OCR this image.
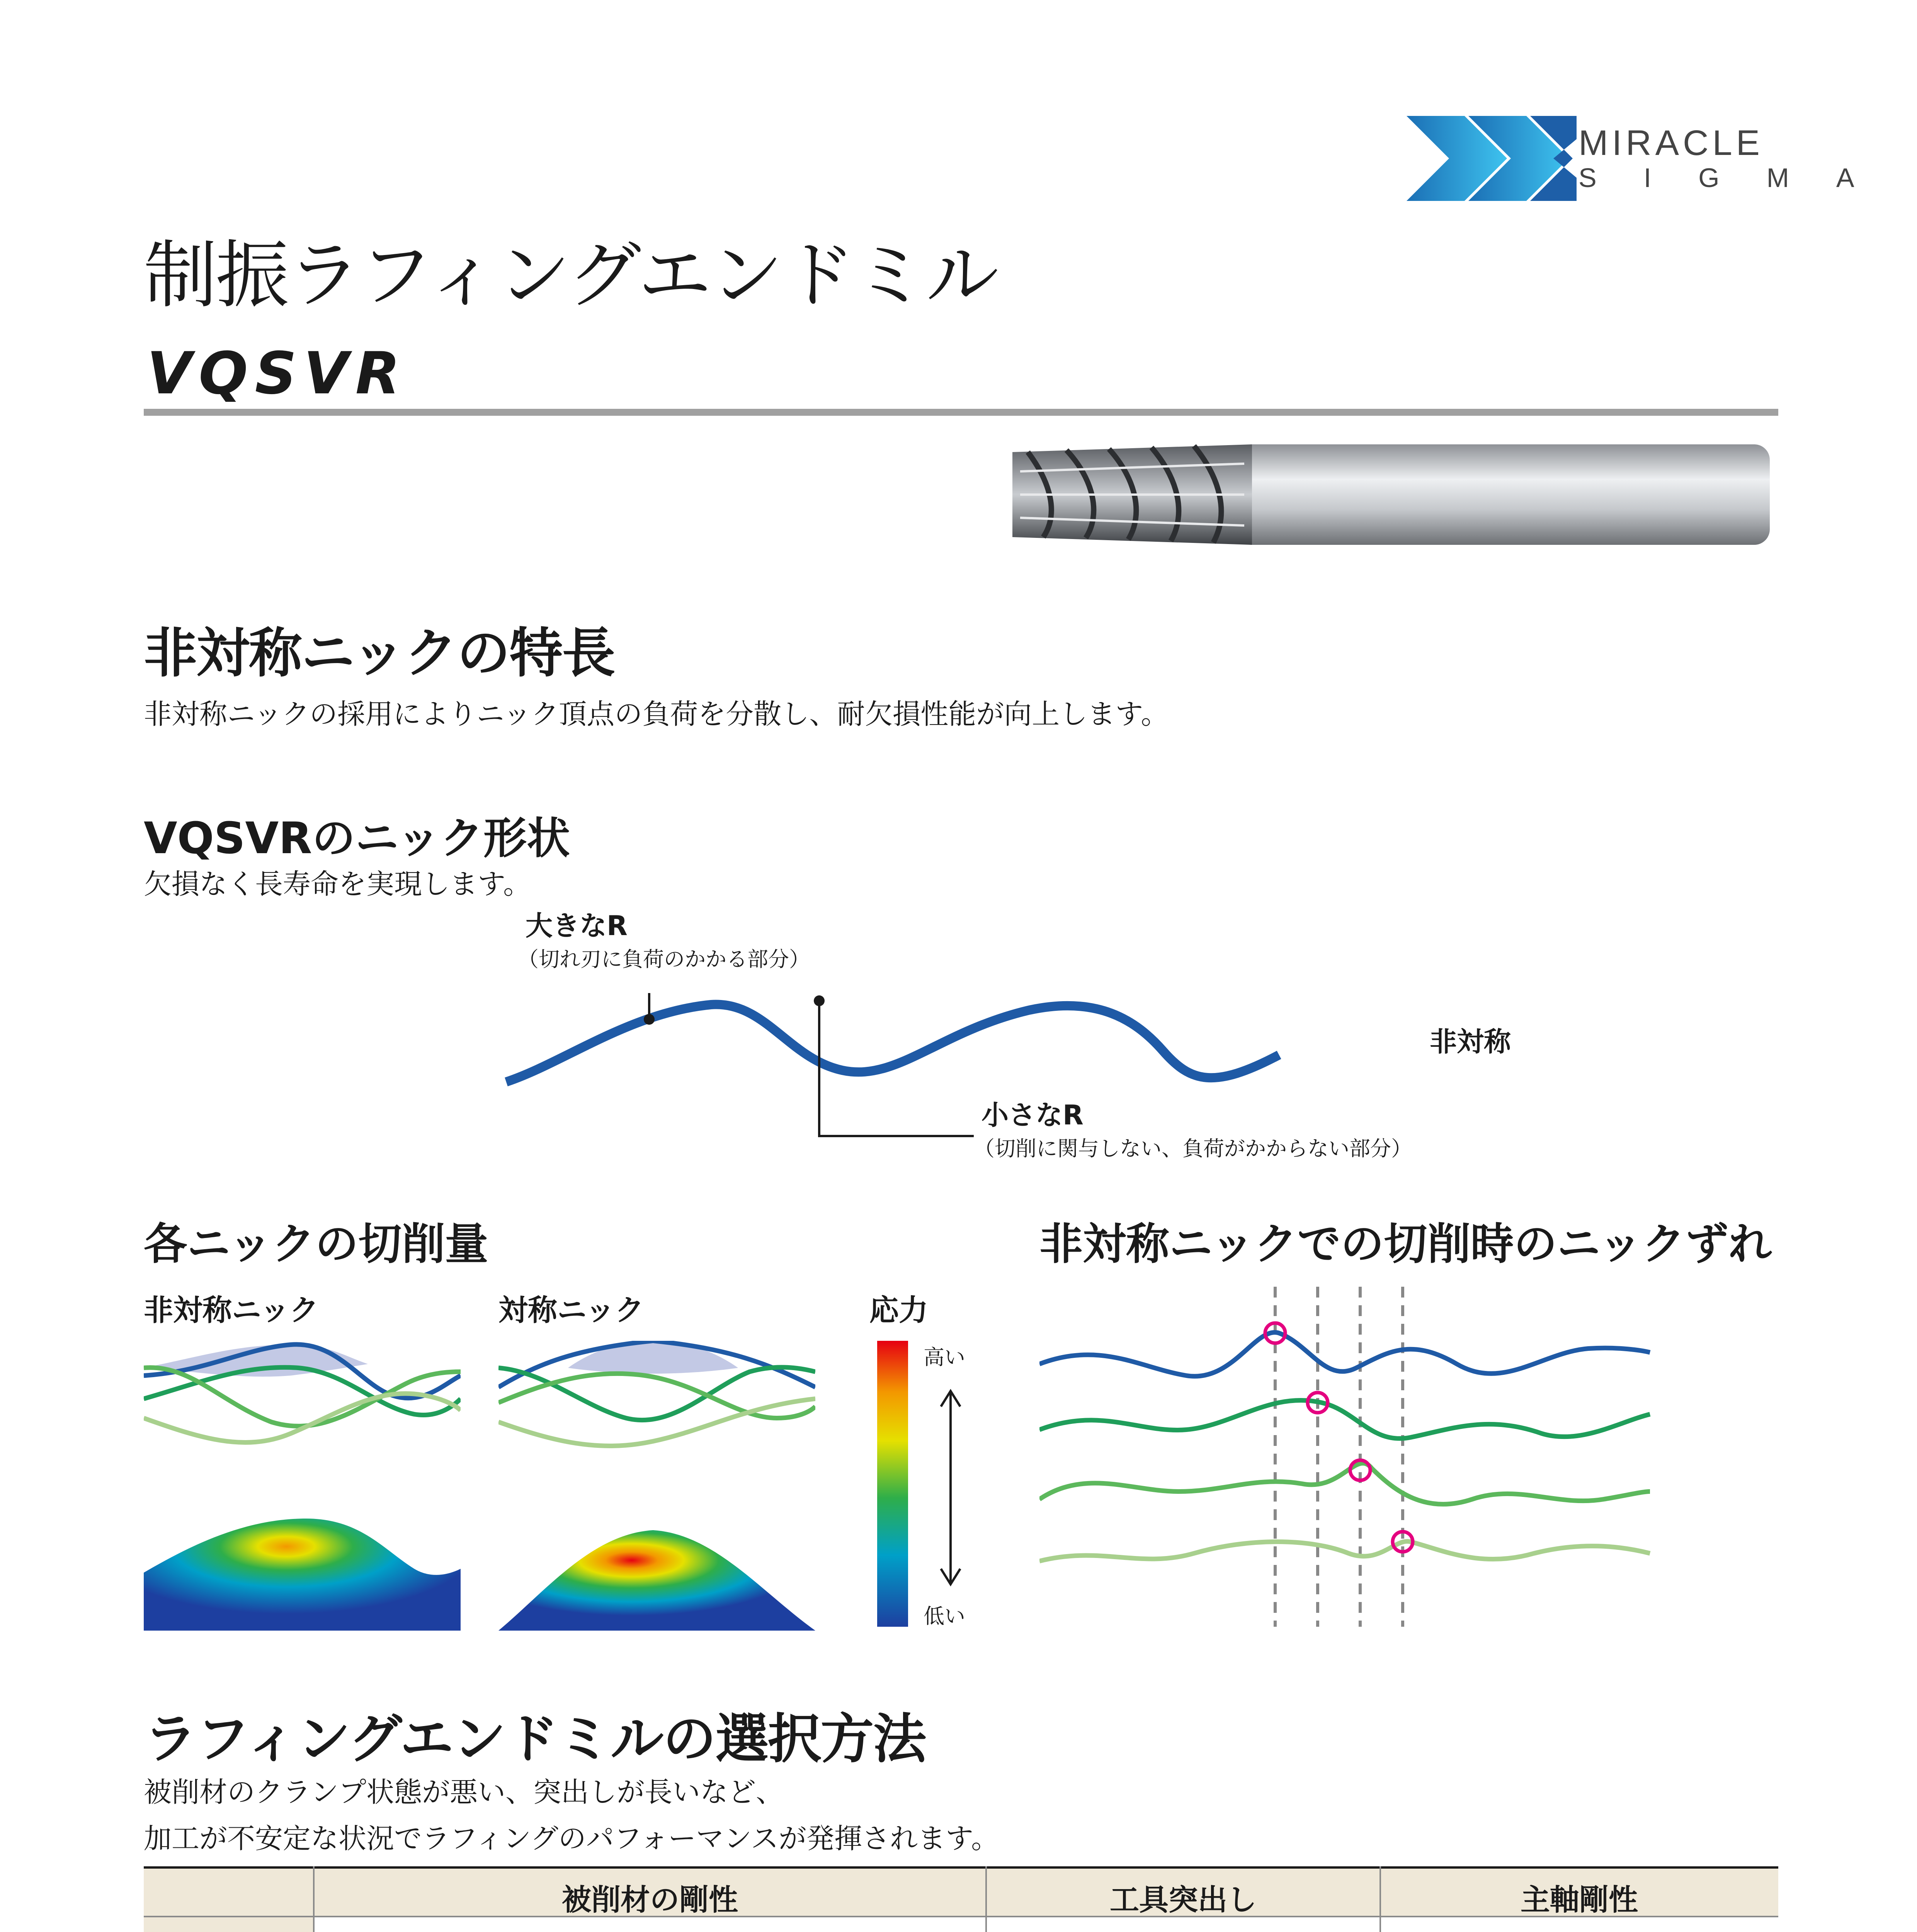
MIRACLE
SIGMA
制振ラフィングエンドミル
VQSVR
非対称ニックの特長
非対称ニックの採用によりニック頂点の負荷を分散し、耐欠損性能が向上します。
VQSVRのニック形状
欠損なく長寿命を実現します。
大きなR
（切れ刃に負荷のかかる部分）
小さなR
（切削に関与しない、負荷がかからない部分）
非対称
各ニックの切削量
非対称ニック	対称ニック	応力
高い
低い
非対称ニックでの切削時のニックずれ
ラフィングエンドミルの選択方法
被削材のクランプ状態が悪い、突出しが長いなど、
加工が不安定な状況でラフィングのパフォーマンスが発揮されます。
被削材の剛性	工具突出し	主軸剛性
